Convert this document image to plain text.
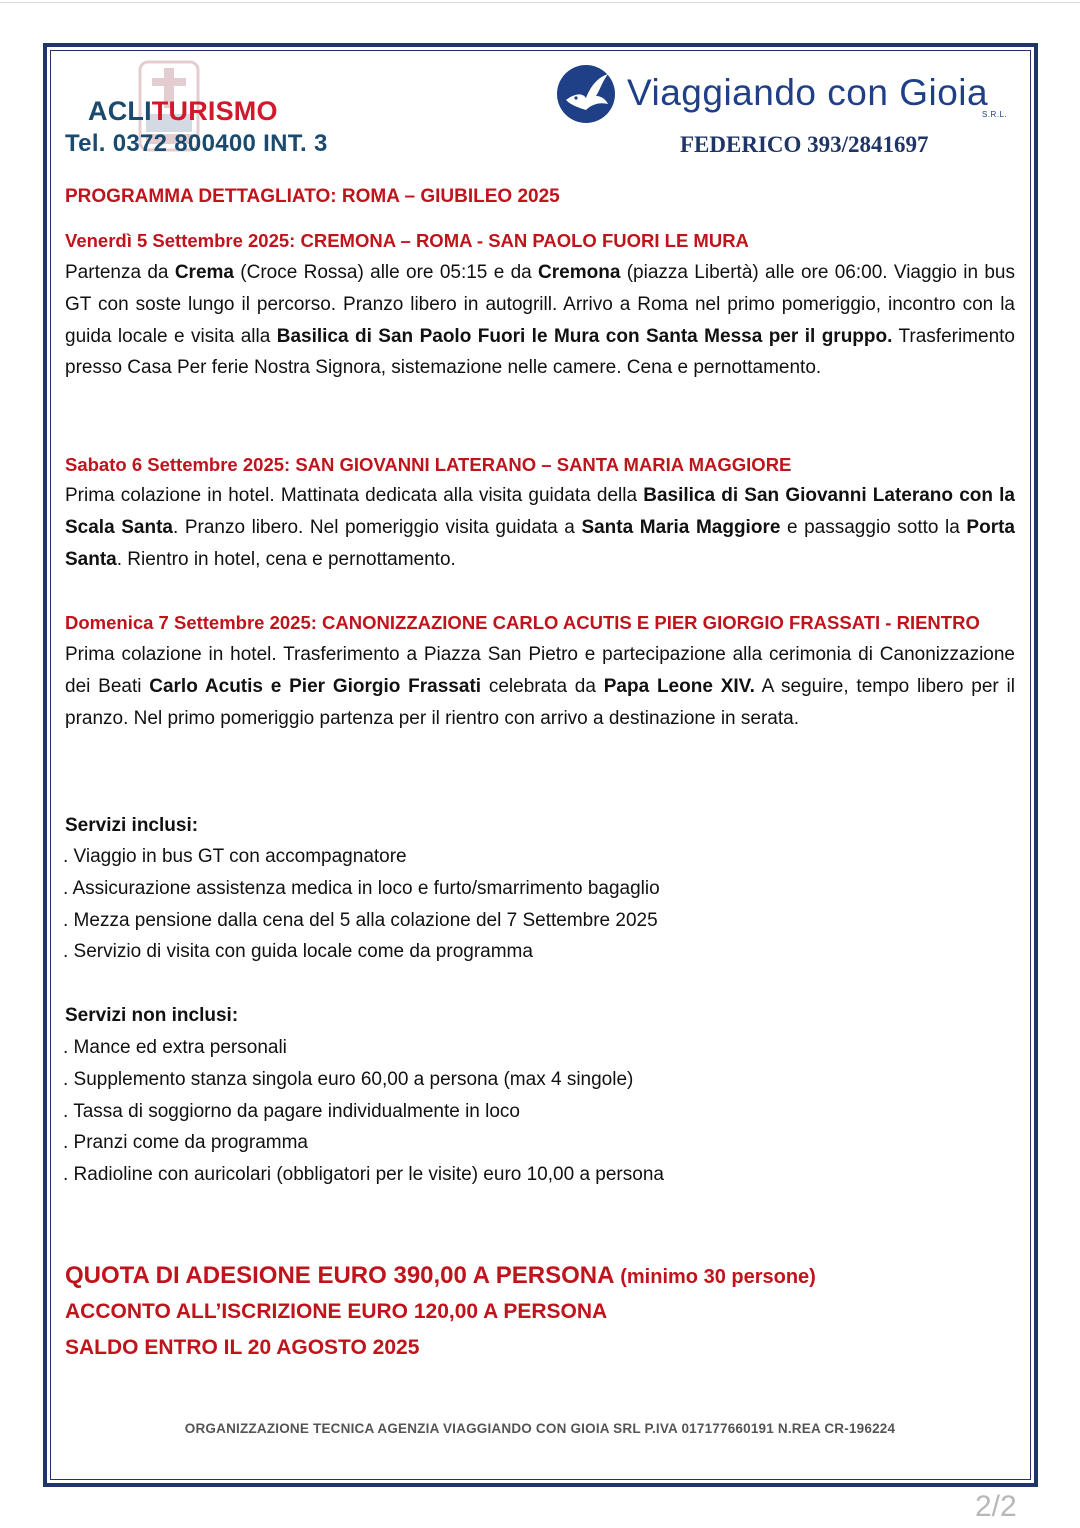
ACLITURISMO
Tel. 0372 800400 INT. 3
Viaggiando con Gioia
S.R.L.
FEDERICO 393/2841697
PROGRAMMA DETTAGLIATO: ROMA – GIUBILEO 2025
Venerdì 5 Settembre 2025: CREMONA – ROMA - SAN PAOLO FUORI LE MURA
Partenza da Crema (Croce Rossa) alle ore 05:15 e da Cremona (piazza Libertà) alle ore 06:00. Viaggio in bus GT con soste lungo il percorso. Pranzo libero in autogrill. Arrivo a Roma nel primo pomeriggio, incontro con la guida locale e visita alla Basilica di San Paolo Fuori le Mura con Santa Messa per il gruppo. Trasferimento presso Casa Per ferie Nostra Signora, sistemazione nelle camere. Cena e pernottamento.
Sabato 6 Settembre 2025: SAN GIOVANNI LATERANO – SANTA MARIA MAGGIORE
Prima colazione in hotel. Mattinata dedicata alla visita guidata della Basilica di San Giovanni Laterano con la Scala Santa. Pranzo libero. Nel pomeriggio visita guidata a Santa Maria Maggiore e passaggio sotto la Porta Santa. Rientro in hotel, cena e pernottamento.
Domenica 7 Settembre 2025: CANONIZZAZIONE CARLO ACUTIS E PIER GIORGIO FRASSATI - RIENTRO
Prima colazione in hotel. Trasferimento a Piazza San Pietro e partecipazione alla cerimonia di Canonizzazione dei Beati Carlo Acutis e Pier Giorgio Frassati celebrata da Papa Leone XIV. A seguire, tempo libero per il pranzo. Nel primo pomeriggio partenza per il rientro con arrivo a destinazione in serata.
Servizi inclusi:
. Viaggio in bus GT con accompagnatore
. Assicurazione assistenza medica in loco e furto/smarrimento bagaglio
. Mezza pensione dalla cena del 5 alla colazione del 7 Settembre 2025
. Servizio di visita con guida locale come da programma
Servizi non inclusi:
. Mance ed extra personali
. Supplemento stanza singola euro 60,00 a persona (max 4 singole)
. Tassa di soggiorno da pagare individualmente in loco
. Pranzi come da programma
. Radioline con auricolari (obbligatori per le visite) euro 10,00 a persona
QUOTA DI ADESIONE EURO 390,00 A PERSONA (minimo 30 persone)
ACCONTO ALL’ISCRIZIONE EURO 120,00 A PERSONA
SALDO ENTRO IL 20 AGOSTO 2025
ORGANIZZAZIONE TECNICA AGENZIA VIAGGIANDO CON GIOIA SRL P.IVA 017177660191 N.REA CR-196224
2/2
